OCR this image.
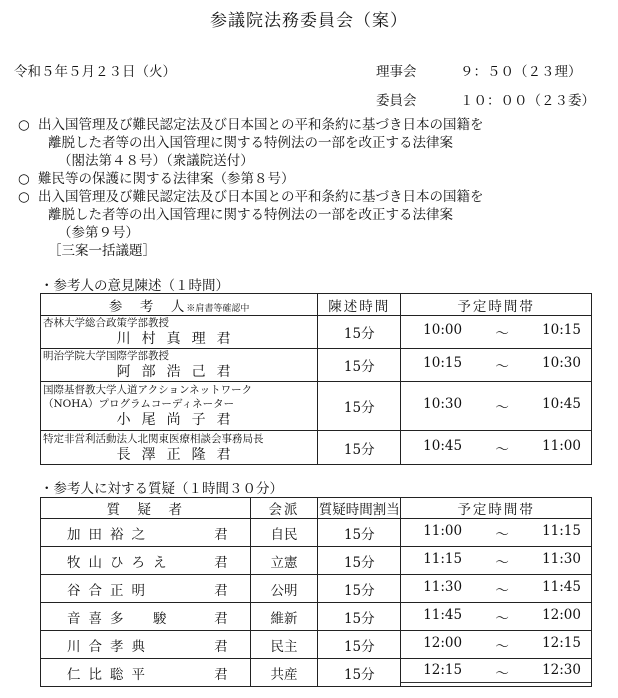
参議院法務委員会（案）
令和５年５月２３日（火）	理事会	９：５０（２３理）
委員会	１０：００（２３委）
○ 出入国管理及び難民認定法及び日本国との平和条約に基づき日本の国籍を
離脱した者等の出入国管理に関する特例法の一部を改正する法律案
（閣法第４８号）（衆議院送付）
○ 難民等の保護に関する法律案（参第８号）
○ 出入国管理及び難民認定法及び日本国との平和条約に基づき日本の国籍を
離脱した者等の出入国管理に関する特例法の一部を改正する法律案
（参第９号）
［三案一括議題］
・参考人の意見陳述（１時間）
参　考　人※肩書等確認中	陳述時間	予定時間帯

杏林大学総合政策学部教授
川村真理君	15分	10:00 〜 10:15

明治学院大学国際学部教授
阿部浩己君	15分	10:15 〜 10:30

国際基督教大学人道アクションネットワーク
（NOHA）プログラムコーディネーター
小尾尚子君	15分	10:30 〜 10:45

特定非営利活動法人北関東医療相談会事務局長
長澤正隆君	15分	10:45 〜 11:00
・参考人に対する質疑（１時間３０分）
質　疑　者	会派	質疑時間割当	予定時間帯

加田裕之 君	自民	15分	11:00 〜 11:15

牧山ひろえ 君	立憲	15分	11:15 〜 11:30

谷合正明 君	公明	15分	11:30 〜 11:45

音喜多　駿 君	維新	15分	11:45 〜 12:00

川合孝典 君	民主	15分	12:00 〜 12:15

仁比聡平 君	共産	15分	12:15 〜 12:30
